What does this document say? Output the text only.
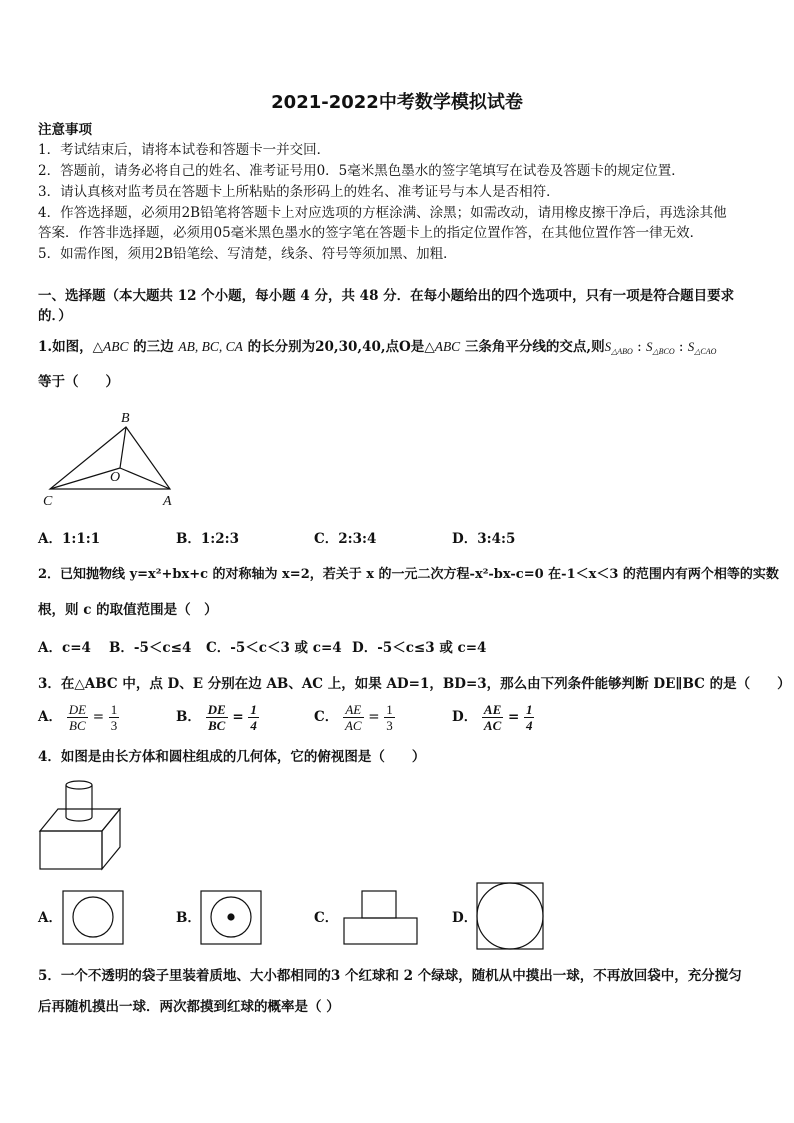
2021-2022中考数学模拟试卷
注意事项
1．考试结束后，请将本试卷和答题卡一并交回．
2．答题前，请务必将自己的姓名、准考证号用0．5毫米黑色墨水的签字笔填写在试卷及答题卡的规定位置．
3．请认真核对监考员在答题卡上所粘贴的条形码上的姓名、准考证号与本人是否相符．
4．作答选择题，必须用2B铅笔将答题卡上对应选项的方框涂满、涂黑；如需改动，请用橡皮擦干净后，再选涂其他
答案．作答非选择题，必须用05毫米黑色墨水的签字笔在答题卡上的指定位置作答，在其他位置作答一律无效．
5．如需作图，须用2B铅笔绘、写清楚，线条、符号等须加黑、加粗．
一、选择题（本大题共 12 个小题，每小题 4 分，共 48 分．在每小题给出的四个选项中，只有一项是符合题目要求
的．）
1.如图，△ABC 的三边 AB, BC, CA 的长分别为20,30,40,点O是△ABC 三条角平分线的交点,则$S_{\triangle ABO}$ : $S_{\triangle BCO}$ : $S_{\triangle CAO}$
等于（　　）
B
O
C	A
A．1:1:1	B．1:2:3	C．2:3:4	D．3:4:5
2．已知抛物线 y=x²+bx+c 的对称轴为 x=2，若关于 x 的一元二次方程-x²-bx-c=0 在-1＜x＜3 的范围内有两个相等的实数
根，则 c 的取值范围是（　）
A．c=4 B．-5＜c≤4 C．-5＜c＜3 或 c=4 D．-5＜c≤3 或 c=4
3．在△ABC 中，点 D、E 分别在边 AB、AC 上，如果 AD=1，BD=3，那么由下列条件能够判断 DE∥BC 的是（　　）
A． $\frac{DE}{BC} = \frac{1}{3}$	B． $\frac{DE}{BC} = \frac{1}{4}$	C． $\frac{AE}{AC} = \frac{1}{3}$	D． $\frac{AE}{AC} = \frac{1}{4}$
4．如图是由长方体和圆柱组成的几何体，它的俯视图是（　　）
A．	B．	C．	D．
5．一个不透明的袋子里装着质地、大小都相同的3 个红球和 2 个绿球，随机从中摸出一球，不再放回袋中，充分搅匀
后再随机摸出一球．两次都摸到红球的概率是（ ）
